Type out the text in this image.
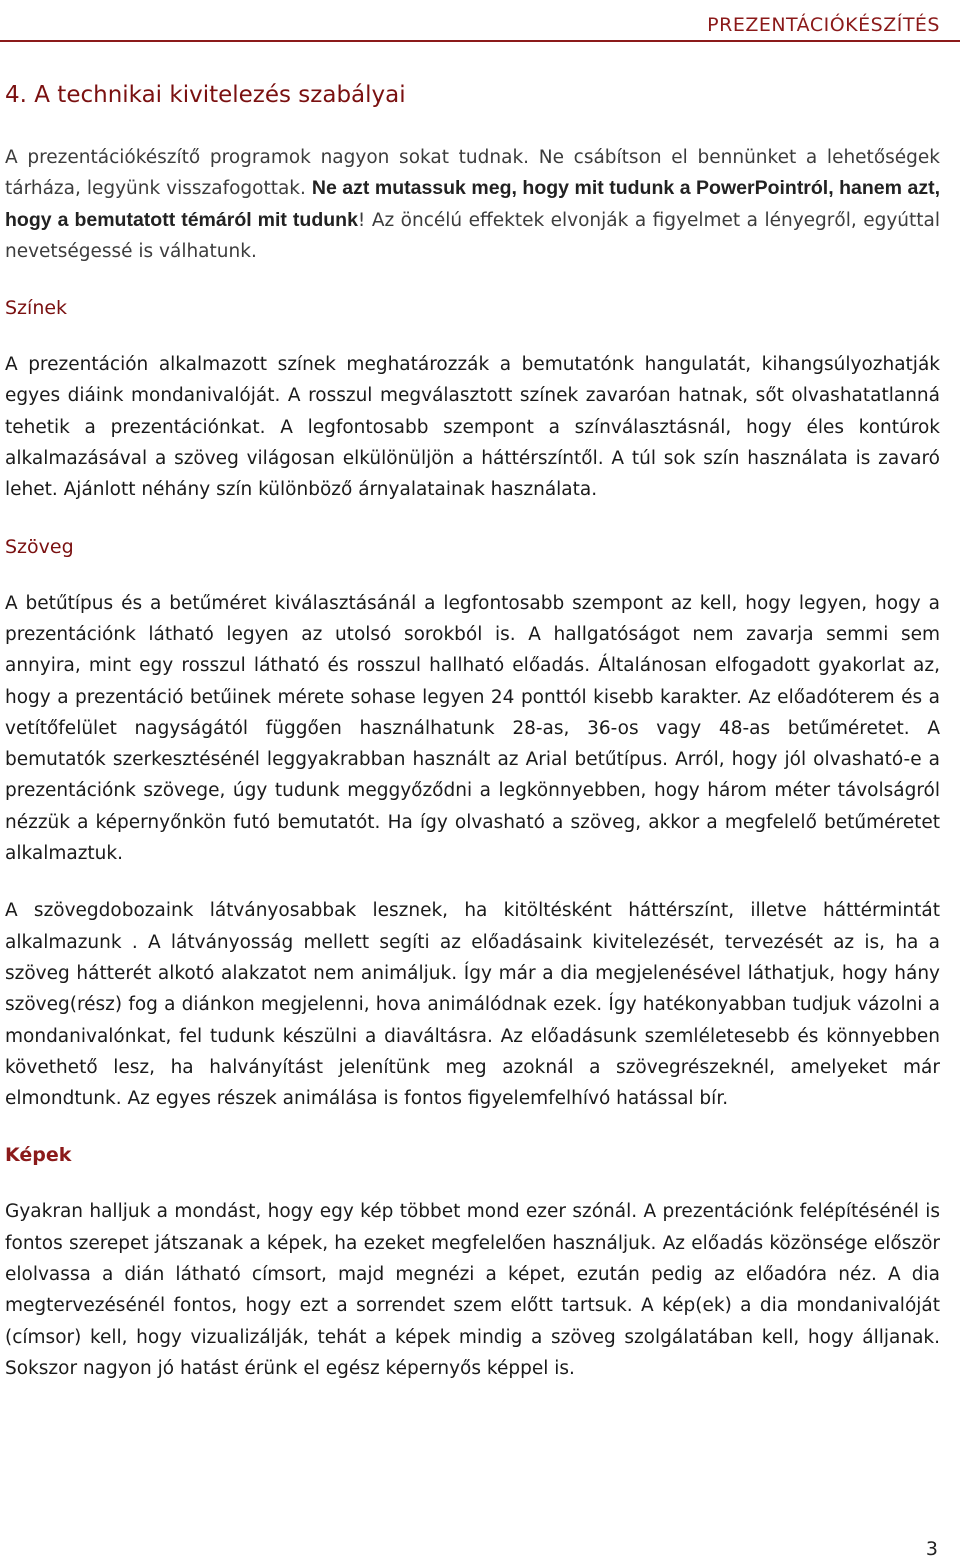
PREZENTÁCIÓKÉSZÍTÉS
4. A technikai kivitelezés szabályai

A prezentációkészítő programok nagyon sokat tudnak. Ne csábítson el bennünket a lehetőségek tárháza, legyünk visszafogottak. Ne azt mutassuk meg, hogy mit tudunk a PowerPointról, hanem azt, hogy a bemutatott témáról mit tudunk! Az öncélú effektek elvonják a figyelmet a lényegről, egyúttal nevetségessé is válhatunk.

Színek

A prezentáción alkalmazott színek meghatározzák a bemutatónk hangulatát, kihangsúlyozhatják egyes diáink mondanivalóját. A rosszul megválasztott színek zavaróan hatnak, sőt olvashatatlanná tehetik a prezentációnkat. A legfontosabb szempont a színválasztásnál, hogy éles kontúrok alkalmazásával a szöveg világosan elkülönüljön a háttérszíntől. A túl sok szín használata is zavaró lehet. Ajánlott néhány szín különböző árnyalatainak használata.

Szöveg

A betűtípus és a betűméret kiválasztásánál a legfontosabb szempont az kell, hogy legyen, hogy a prezentációnk látható legyen az utolsó sorokból is. A hallgatóságot nem zavarja semmi sem annyira, mint egy rosszul látható és rosszul hallható előadás. Általánosan elfogadott gyakorlat az, hogy a prezentáció betűinek mérete sohase legyen 24 ponttól kisebb karakter. Az előadóterem és a vetítőfelület nagyságától függően használhatunk 28-as, 36-os vagy 48-as betűméretet. A bemutatók szerkesztésénél leggyakrabban használt az Arial betűtípus. Arról, hogy jól olvasható-e a prezentációnk szövege, úgy tudunk meggyőződni a legkönnyebben, hogy három méter távolságról nézzük a képernyőnkön futó bemutatót. Ha így olvasható a szöveg, akkor a megfelelő betűméretet alkalmaztuk.

A szövegdobozaink látványosabbak lesznek, ha kitöltésként háttérszínt, illetve háttérmintát alkalmazunk . A látványosság mellett segíti az előadásaink kivitelezését, tervezését az is, ha a szöveg hátterét alkotó alakzatot nem animáljuk. Így már a dia megjelenésével láthatjuk, hogy hány szöveg(rész) fog a diánkon megjelenni, hova animálódnak ezek. Így hatékonyabban tudjuk vázolni a mondanivalónkat, fel tudunk készülni a diaváltásra. Az előadásunk szemléletesebb és könnyebben követhető lesz, ha halványítást jelenítünk meg azoknál a szövegrészeknél, amelyeket már elmondtunk. Az egyes részek animálása is fontos figyelemfelhívó hatással bír.

Képek

Gyakran halljuk a mondást, hogy egy kép többet mond ezer szónál. A prezentációnk felépítésénél is fontos szerepet játszanak a képek, ha ezeket megfelelően használjuk. Az előadás közönsége először elolvassa a dián látható címsort, majd megnézi a képet, ezután pedig az előadóra néz. A dia megtervezésénél fontos, hogy ezt a sorrendet szem előtt tartsuk. A kép(ek) a dia mondanivalóját (címsor) kell, hogy vizualizálják, tehát a képek mindig a szöveg szolgálatában kell, hogy álljanak. Sokszor nagyon jó hatást érünk el egész képernyős képpel is.

3
